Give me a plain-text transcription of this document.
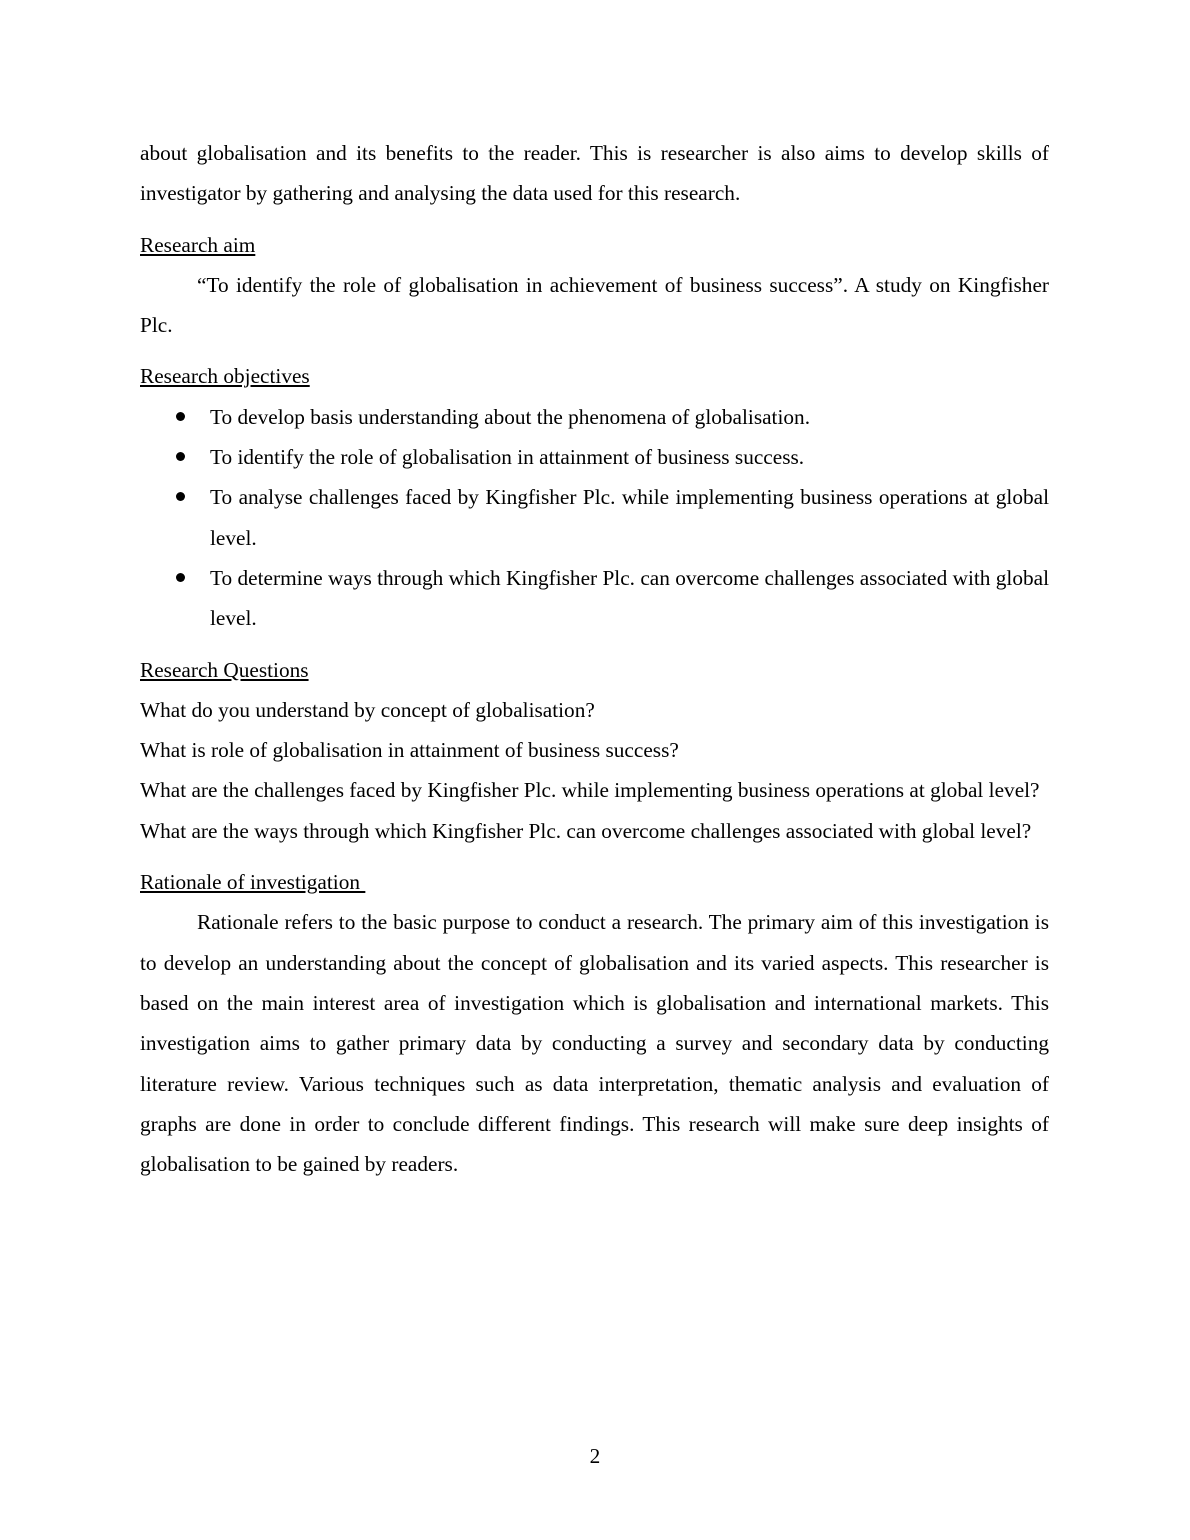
about globalisation and its benefits to the reader. This is researcher is also aims to develop skills of investigator by gathering and analysing the data used for this research.

Research aim

“To identify the role of globalisation in achievement of business success”. A study on Kingfisher Plc.

Research objectives
To develop basis understanding about the phenomena of globalisation.
To identify the role of globalisation in attainment of business success.
To analyse challenges faced by Kingfisher Plc. while implementing business operations at global level.
To determine ways through which Kingfisher Plc. can overcome challenges associated with global level.
Research Questions

What do you understand by concept of globalisation?

What is role of globalisation in attainment of business success?

What are the challenges faced by Kingfisher Plc. while implementing business operations at global level?

What are the ways through which Kingfisher Plc. can overcome challenges associated with global level?

Rationale of investigation

Rationale refers to the basic purpose to conduct a research. The primary aim of this investigation is to develop an understanding about the concept of globalisation and its varied aspects. This researcher is based on the main interest area of investigation which is globalisation and international markets. This investigation aims to gather primary data by conducting a survey and secondary data by conducting literature review. Various techniques such as data interpretation, thematic analysis and evaluation of graphs are done in order to conclude different findings. This research will make sure deep insights of globalisation to be gained by readers.

2
